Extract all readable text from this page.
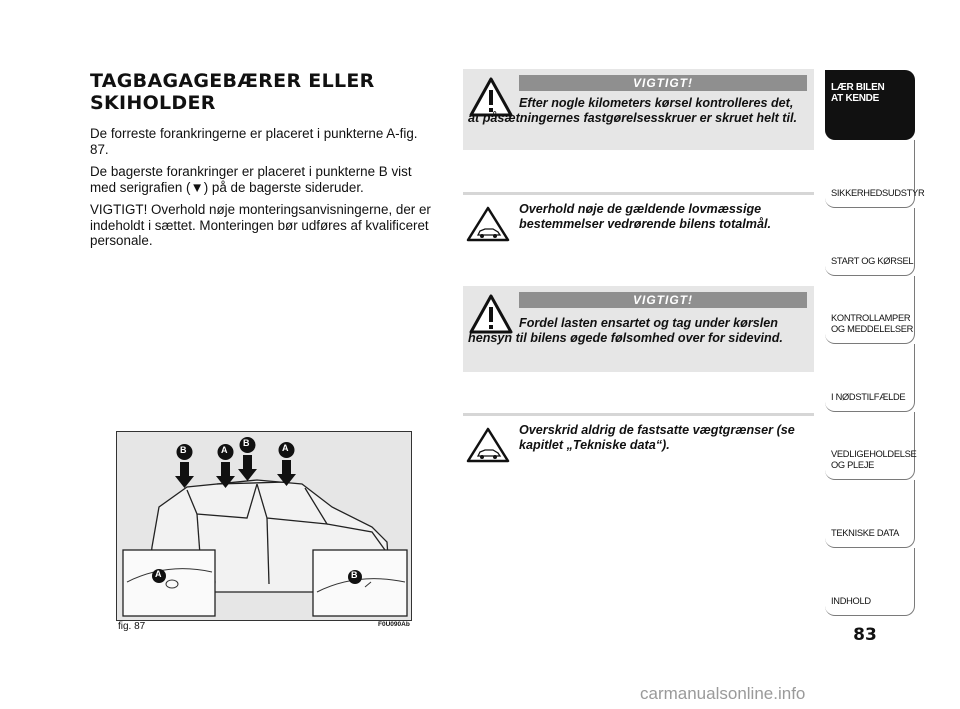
TAGBAGAGEBÆRER ELLER
SKIHOLDER

De forreste forankringerne er placeret i punkterne A-fig. 87.

De bagerste forankringer er placeret i punkterne B vist med serigrafien (▼) på de bagerste sideruder.

VIGTIGT! Overhold nøje monteringsanvisningerne, der er indeholdt i sættet. Monteringen bør udføres af kvalificeret personale.

VIGTIGT!
Efter nogle kilometers kørsel kontrolleres det, at påsætningernes fastgørelsesskruer er skruet helt til.
Overhold nøje de gældende lovmæssige bestemmelser vedrørende bilens totalmål.
VIGTIGT!
Fordel lasten ensartet og tag under kørslen hensyn til bilens øgede følsomhed over for sidevind.
Overskrid aldrig de fastsatte vægtgrænser (se kapitlet „Tekniske data“).
B	A
B	A
A	B
fig. 87	F0U090Ab
LÆR BILEN
AT KENDE
SIKKERHEDSUDSTYR
START OG KØRSEL
KONTROLLAMPER
OG MEDDELELSER
I NØDSTILFÆLDE
VEDLIGEHOLDELSE
OG PLEJE
TEKNISKE DATA
INDHOLD
83
carmanualsonline.info
